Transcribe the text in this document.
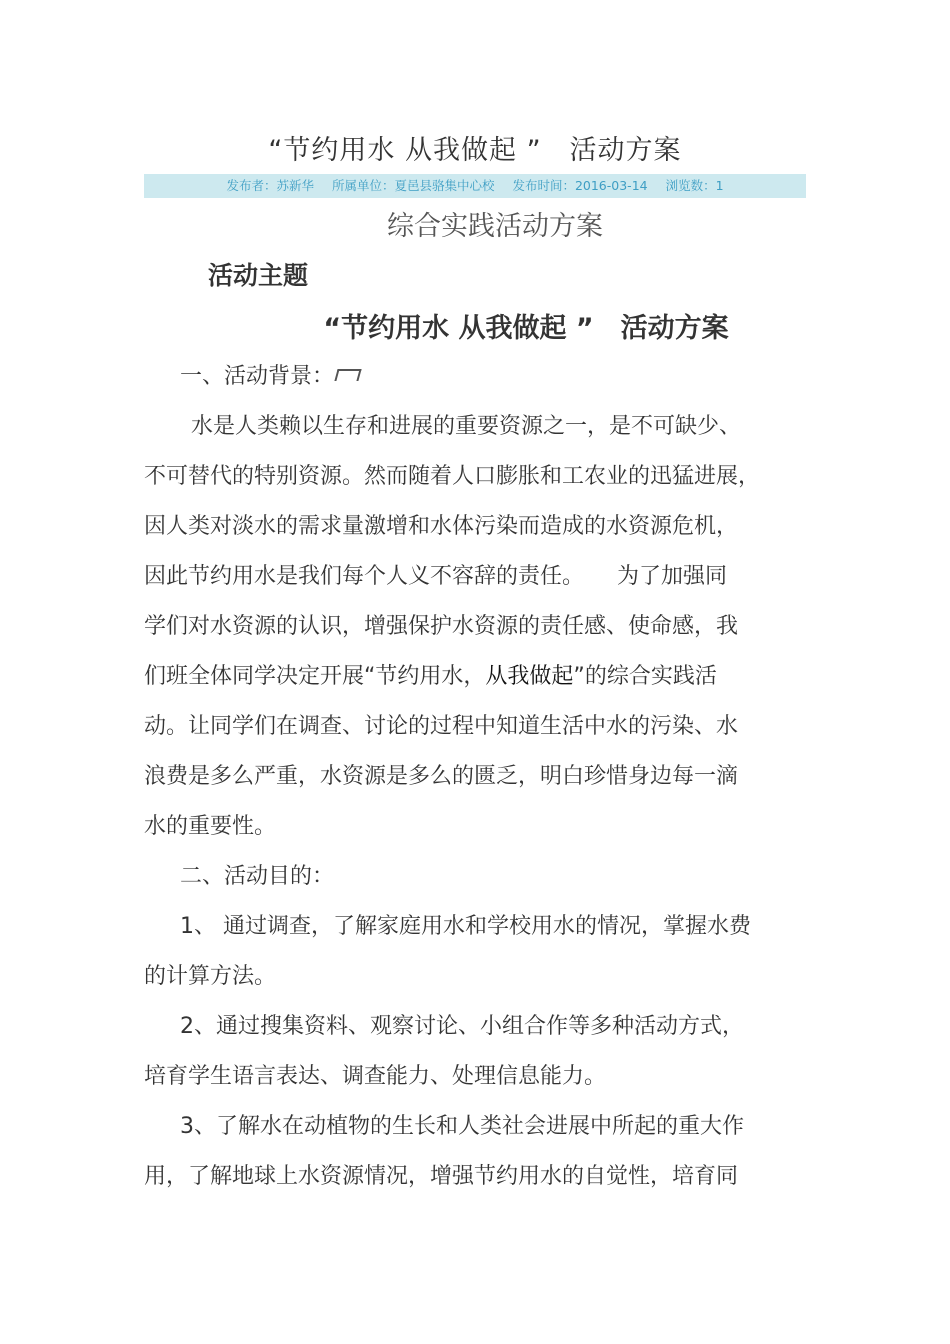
“节约用水 从我做起 ”　活动方案
发布者：苏新华 所属单位：夏邑县骆集中心校 发布时间：2016-03-14 浏览数：1
综合实践活动方案
活动主题
“节约用水 从我做起 ”　活动方案
一、活动背景：
水是人类赖以生存和进展的重要资源之一，是不可缺少、
不可替代的特别资源。然而随着人口膨胀和工农业的迅猛进展，
因人类对淡水的需求量激增和水体污染而造成的水资源危机，
因此节约用水是我们每个人义不容辞的责任。　　为了加强同
学们对水资源的认识，增强保护水资源的责任感、使命感，我
们班全体同学决定开展“节约用水，从我做起”的综合实践活
动。让同学们在调查、讨论的过程中知道生活中水的污染、水
浪费是多么严重，水资源是多么的匮乏，明白珍惜身边每一滴
水的重要性。
二、活动目的：
1、 通过调查，了解家庭用水和学校用水的情况，掌握水费
的计算方法。
2、通过搜集资料、观察讨论、小组合作等多种活动方式，
培育学生语言表达、调查能力、处理信息能力。
3、了解水在动植物的生长和人类社会进展中所起的重大作
用，了解地球上水资源情况，增强节约用水的自觉性，培育同
